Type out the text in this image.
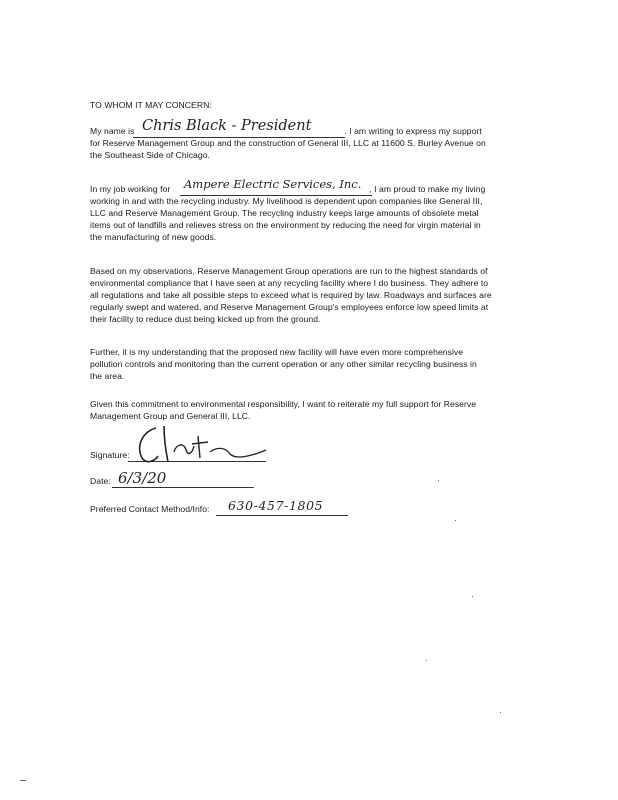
TO WHOM IT MAY CONCERN:
My name is	. I am writing to express my support
Chris Black - President
for Reserve Management Group and the construction of General III, LLC at 11600 S. Burley Avenue on
the Southeast Side of Chicago.
In my job working for	, I am proud to make my living
Ampere Electric Services, Inc.
working in and with the recycling industry. My livelihood is dependent upon companies like General III,
LLC and Reserve Management Group. The recycling industry keeps large amounts of obsolete metal
items out of landfills and relieves stress on the environment by reducing the need for virgin material in
the manufacturing of new goods.
Based on my observations, Reserve Management Group operations are run to the highest standards of
environmental compliance that I have seen at any recycling facility where I do business. They adhere to
all regulations and take all possible steps to exceed what is required by law. Roadways and surfaces are
regularly swept and watered, and Reserve Management Group's employees enforce low speed limits at
their facility to reduce dust being kicked up from the ground.
Further, it is my understanding that the proposed new facility will have even more comprehensive
pollution controls and monitoring than the current operation or any other similar recycling business in
the area.
Given this commitment to environmental responsibility, I want to reiterate my full support for Reserve
Management Group and General III, LLC.
Signature:
Date: 6/3/20
Preferred Contact Method/Info:	630-457-1805
